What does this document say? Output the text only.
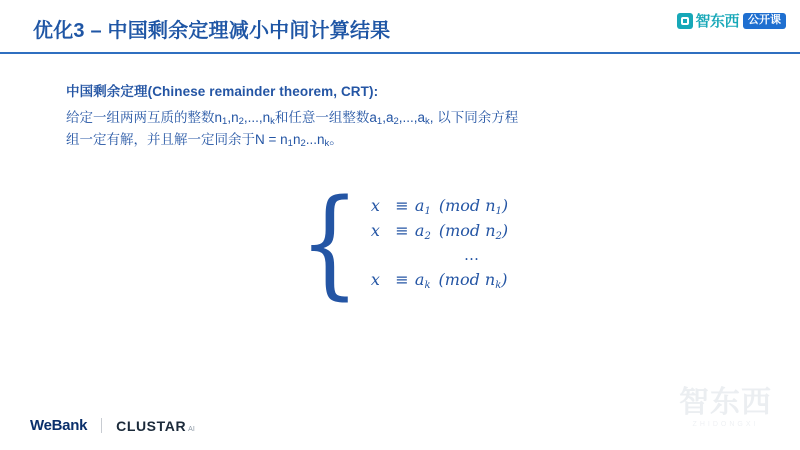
优化3 – 中国剩余定理减小中间计算结果	智东西 公开课

中国剩余定理(Chinese remainder theorem, CRT):

给定一组两两互质的整数$n_1,n_2,...,n_k$和任意一组整数$a_1,a_2,...,a_k$, 以下同余方程
组一定有解，并且解一定同余于$N = n_1n_2...n_k$。

{ $x \equiv a_1$ (mod $n_1$)
$x \equiv a_2$ (mod $n_2$)
…
$x \equiv a_k$ (mod $n_k$)
智东西
ZHIDONGXI
WeBank CLUSTAR AI
